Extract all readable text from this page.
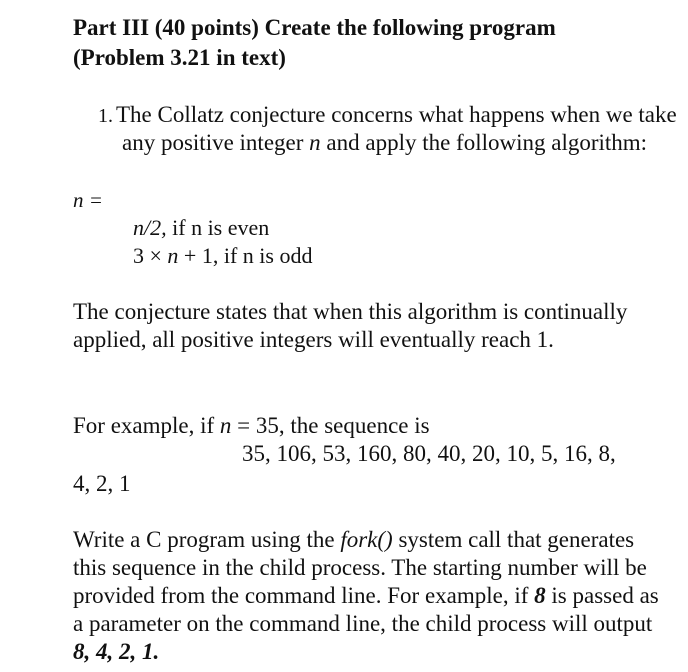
Part III (40 points) Create the following program
(Problem 3.21 in text)
1. The Collatz conjecture concerns what happens when we take any positive integer n and apply the following algorithm:
n =
n/2, if n is even
3 × n + 1, if n is odd

The conjecture states that when this algorithm is continually applied, all positive integers will eventually reach 1.

For example, if n = 35, the sequence is

35, 106, 53, 160, 80, 40, 20, 10, 5, 16, 8,
4, 2, 1

Write a C program using the fork() system call that generates this sequence in the child process. The starting number will be provided from the command line. For example, if 8 is passed as a parameter on the command line, the child process will output 8, 4, 2, 1.
